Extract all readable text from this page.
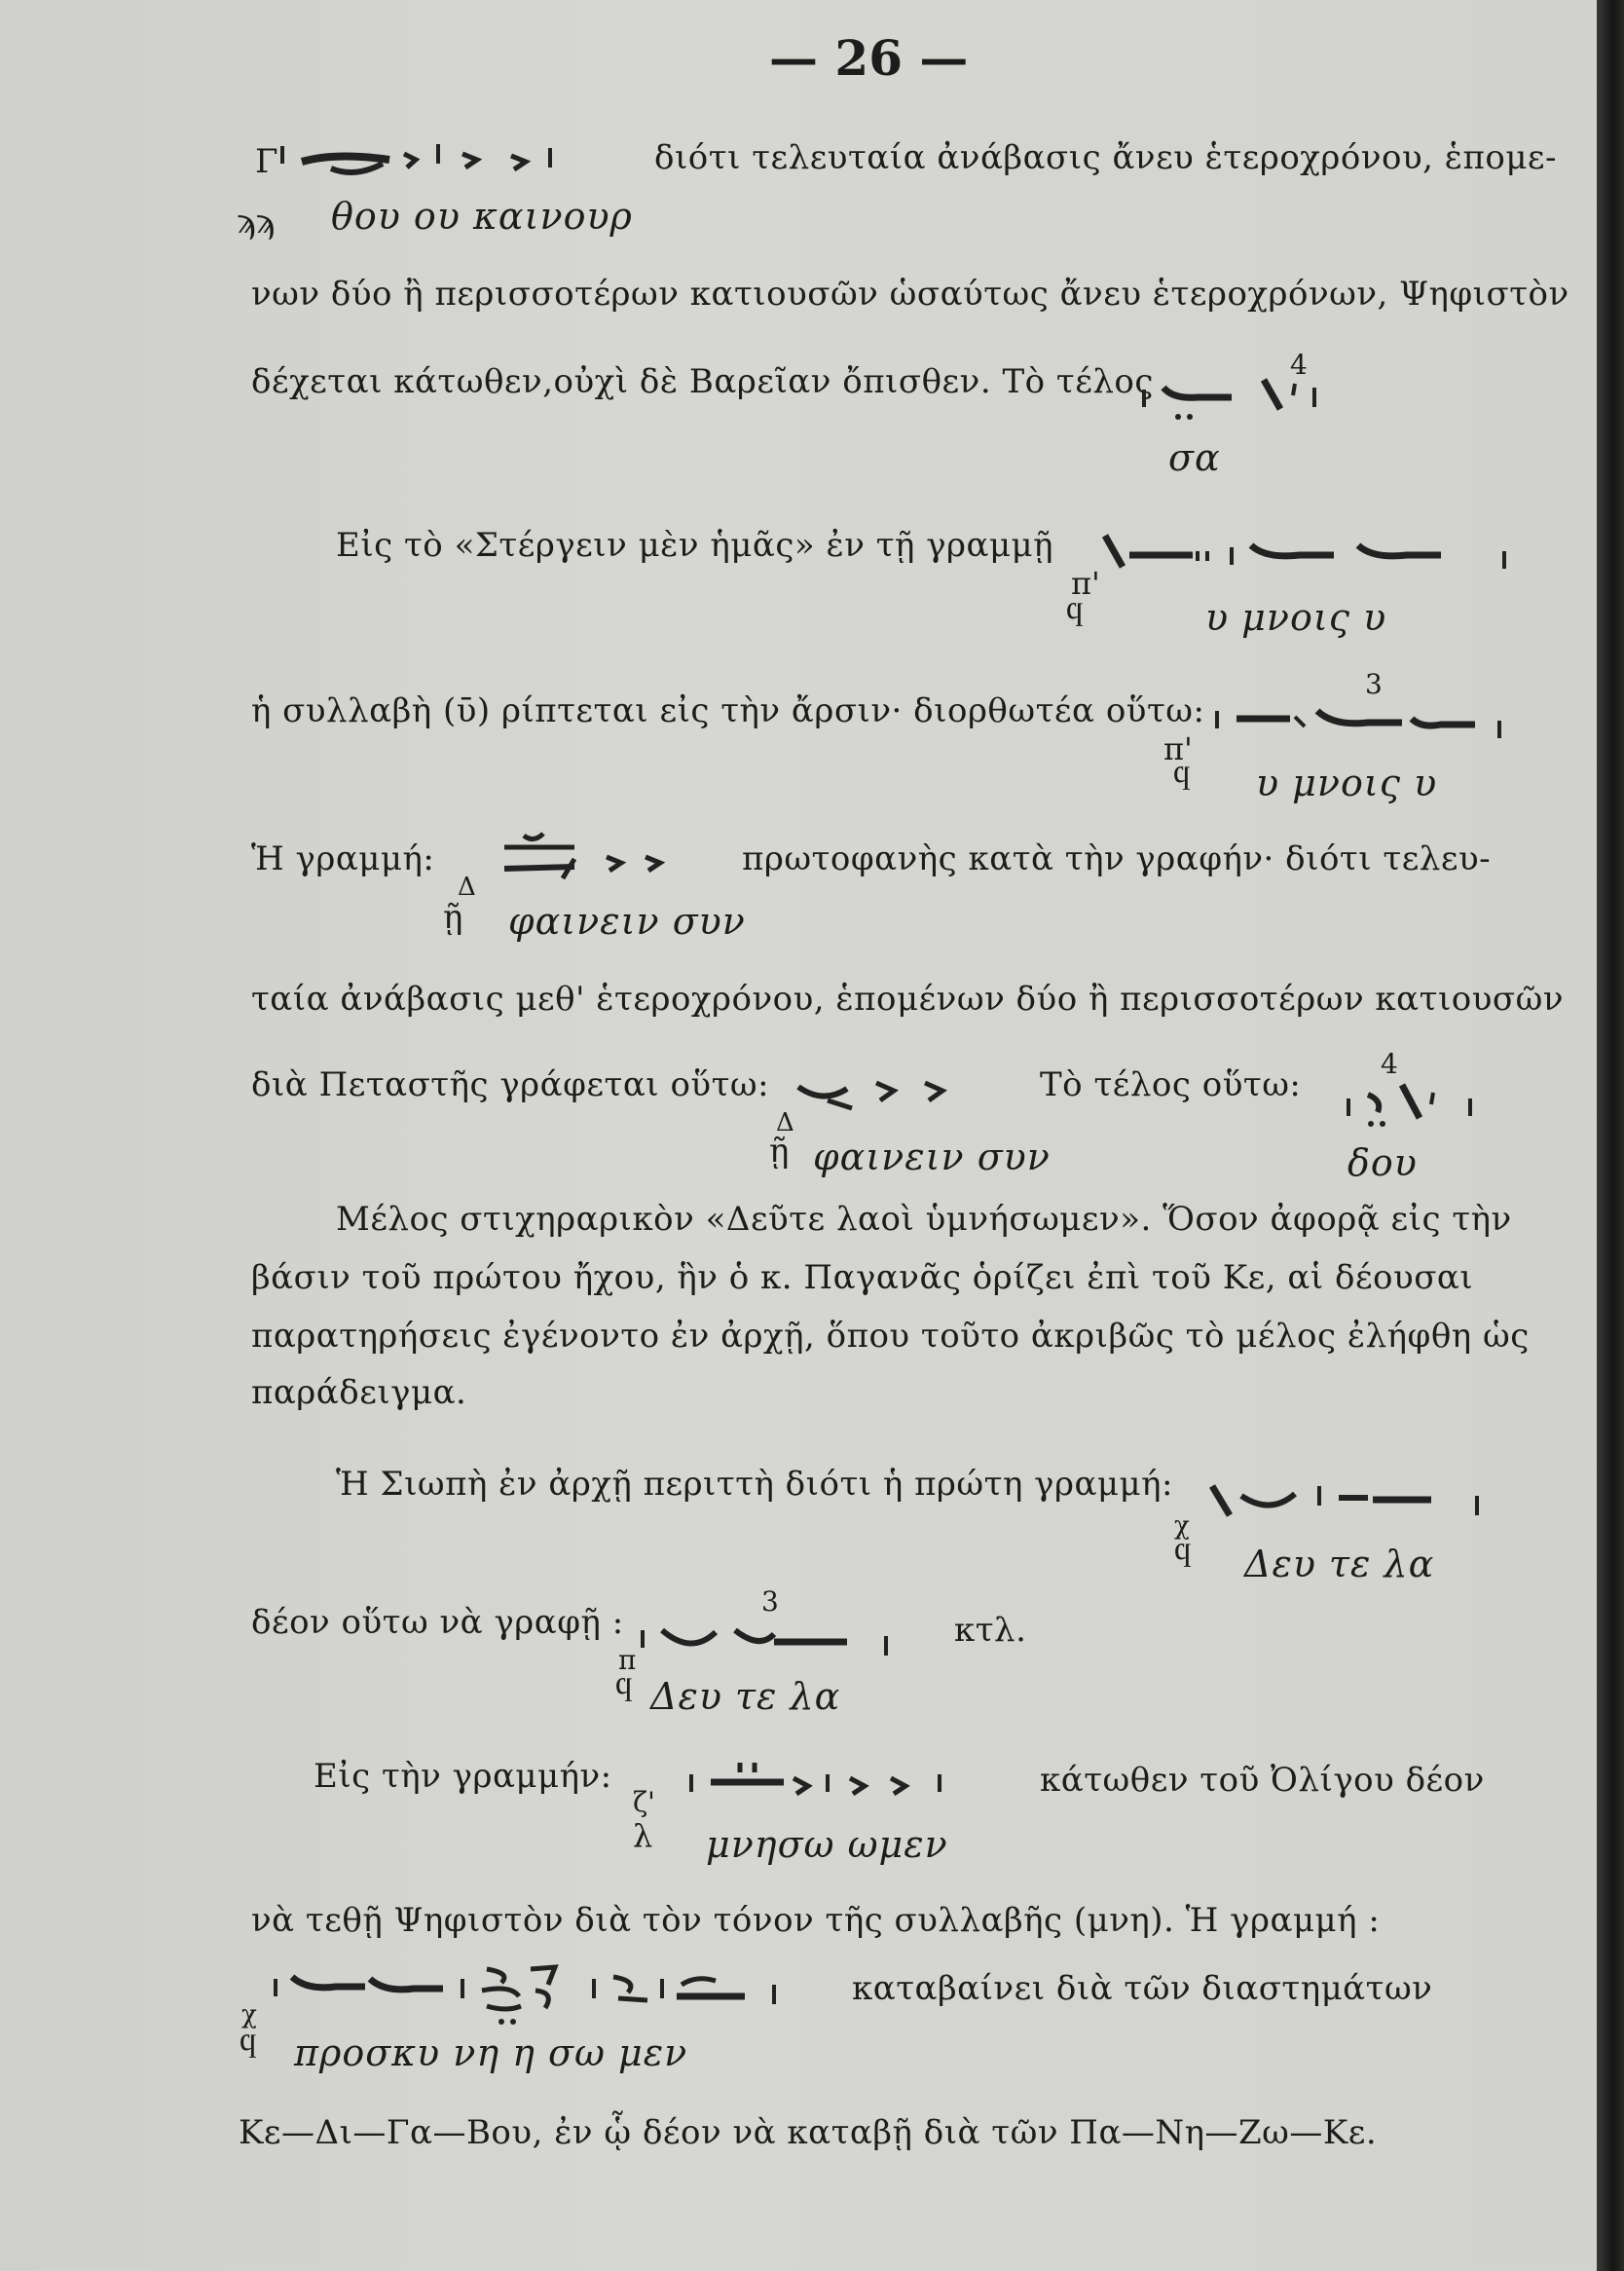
— 26 —
Γ	διότι τελευταία ἀνάβασις ἄνευ ἑτεροχρόνου, ἑπομε-
ϡϡ θου ου καινουρ
νων δύο ἢ περισσοτέρων κατιουσῶν ὡσαύτως ἄνευ ἑτεροχρόνων, Ψηφιστὸν
δέχεται κάτωθεν,οὐχὶ δὲ Βαρεῖαν ὄπισθεν. Τὸ τέλος	4
σα
Εἰς τὸ «Στέργειν μὲν ἡμᾶς» ἐν τῇ γραμμῇ
π'
ϥ	υ μνοις υ
ἡ συλλαβὴ (ῡ) ρίπτεται εἰς τὴν ἄρσιν· διορθωτέα οὕτω:
3
π'
ϥ υ μνοις υ
Ἡ γραμμή:	πρωτοφανὴς κατὰ τὴν γραφήν· διότι τελευ-
Δ
ῇ φαινειν συν
ταία ἀνάβασις μεθ' ἑτεροχρόνου, ἑπομένων δύο ἢ περισσοτέρων κατιουσῶν
διὰ Πεταστῆς γράφεται οὕτω:	Τὸ τέλος οὕτω:
4
Δ
ῇ φαινειν συν	δου
Μέλος στιχηραρικὸν «Δεῦτε λαοὶ ὑμνήσωμεν». Ὅσον ἀφορᾷ εἰς τὴν
βάσιν τοῦ πρώτου ἤχου, ἣν ὁ κ. Παγανᾶς ὁρίζει ἐπὶ τοῦ Κε, αἱ δέουσαι
παρατηρήσεις ἐγένοντο ἐν ἀρχῇ, ὅπου τοῦτο ἀκριβῶς τὸ μέλος ἐλήφθη ὡς
παράδειγμα.
Ἡ Σιωπὴ ἐν ἀρχῇ περιττὴ διότι ἡ πρώτη γραμμή:
χ
ϥ Δευ τε λα
δέον οὕτω νὰ γραφῇ :
3
κτλ.
π
ϥ Δευ τε λα
Εἰς τὴν γραμμήν:	κάτωθεν τοῦ Ὀλίγου δέον
ζ'
λ μνησω ωμεν
νὰ τεθῇ Ψηφιστὸν διὰ τὸν τόνον τῆς συλλαβῆς (μνη). Ἡ γραμμή :
καταβαίνει διὰ τῶν διαστημάτων
χ
ϥ προσκυ νη η σω μεν
Κε—Δι—Γα—Βου, ἐν ᾧ δέον νὰ καταβῇ διὰ τῶν Πα—Νη—Ζω—Κε.
